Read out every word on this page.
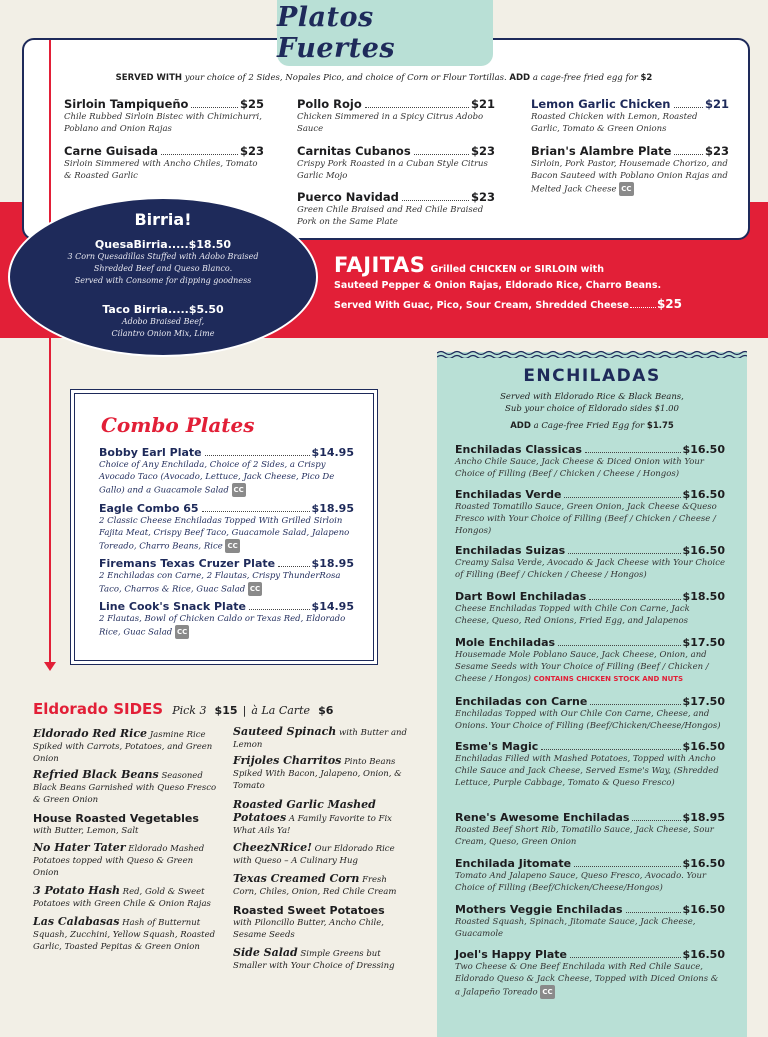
Platos Fuertes
SERVED WITH your choice of 2 Sides, Nopales Pico, and choice of Corn or Flour Tortillas. ADD a cage-free fried egg for $2
Sirloin Tampiqueño	$25
Chile Rubbed Sirloin Bistec with Chimichurri, Poblano and Onion Rajas
Carne Guisada	$23
Sirloin Simmered with Ancho Chiles, Tomato & Roasted Garlic
Pollo Rojo	$21
Chicken Simmered in a Spicy Citrus Adobo Sauce
Carnitas Cubanos	$23
Crispy Pork Roasted in a Cuban Style Citrus Garlic Mojo
Puerco Navidad	$23
Green Chile Braised and Red Chile Braised Pork on the Same Plate
Lemon Garlic Chicken	$21
Roasted Chicken with Lemon, Roasted Garlic, Tomato & Green Onions
Brian's Alambre Plate	$23
Sirloin, Pork Pastor, Housemade Chorizo, and Bacon Sauteed with Poblano Onion Rajas and Melted Jack Cheese CC
Birria!
QuesaBirria.....$18.50
3 Corn Quesadillas Stuffed with Adobo Braised
Shredded Beef and Queso Blanco.
Served with Consome for dipping goodness
Taco Birria.....$5.50
Adobo Braised Beef,
Cilantro Onion Mix, Lime
FAJITAS Grilled CHICKEN or SIRLOIN with
Sauteed Pepper & Onion Rajas, Eldorado Rice, Charro Beans.
Served With Guac, Pico, Sour Cream, Shredded Cheese $25
Combo Plates
Bobby Earl Plate	$14.95
Choice of Any Enchilada, Choice of 2 Sides, a Crispy Avocado Taco (Avocado, Lettuce, Jack Cheese, Pico De Gallo) and a Guacamole Salad CC
Eagle Combo 65	$18.95
2 Classic Cheese Enchiladas Topped With Grilled Sirloin Fajita Meat, Crispy Beef Taco, Guacamole Salad, Jalapeno Toreado, Charro Beans, Rice CC
Firemans Texas Cruzer Plate	$18.95
2 Enchiladas con Carne, 2 Flautas, Crispy ThunderRosa Taco, Charros & Rice, Guac Salad CC
Line Cook's Snack Plate	$14.95
2 Flautas, Bowl of Chicken Caldo or Texas Red, Eldorado Rice, Guac Salad CC
Eldorado SIDES Pick 3 $15 | à La Carte $6
Eldorado Red Rice Jasmine Rice Spiked with Carrots, Potatoes, and Green Onion
Refried Black Beans Seasoned Black Beans Garnished with Queso Fresco & Green Onion
House Roasted Vegetables
with Butter, Lemon, Salt
No Hater Tater Eldorado Mashed Potatoes topped with Queso & Green Onion
3 Potato Hash Red, Gold & Sweet Potatoes with Green Chile & Onion Rajas
Las Calabasas Hash of Butternut Squash, Zucchini, Yellow Squash, Roasted Garlic, Toasted Pepitas & Green Onion
Sauteed Spinach with Butter and Lemon
Frijoles Charritos Pinto Beans Spiked With Bacon, Jalapeno, Onion, & Tomato
Roasted Garlic Mashed Potatoes A Family Favorite to Fix What Ails Ya!
CheezNRice! Our Eldorado Rice with Queso – A Culinary Hug
Texas Creamed Corn Fresh Corn, Chiles, Onion, Red Chile Cream
Roasted Sweet Potatoes
with Piloncillo Butter, Ancho Chile, Sesame Seeds
Side Salad Simple Greens but Smaller with Your Choice of Dressing
ENCHILADAS
Served with Eldorado Rice & Black Beans,
Sub your choice of Eldorado sides $1.00
ADD a Cage-free Fried Egg for $1.75
Enchiladas Classicas	$16.50
Ancho Chile Sauce, Jack Cheese & Diced Onion with Your Choice of Filling (Beef / Chicken / Cheese / Hongos)
Enchiladas Verde	$16.50
Roasted Tomatillo Sauce, Green Onion, Jack Cheese &Queso Fresco with Your Choice of Filling (Beef / Chicken / Cheese / Hongos)
Enchiladas Suizas	$16.50
Creamy Salsa Verde, Avocado & Jack Cheese with Your Choice of Filling (Beef / Chicken / Cheese / Hongos)
Dart Bowl Enchiladas	$18.50
Cheese Enchiladas Topped with Chile Con Carne, Jack Cheese, Queso, Red Onions, Fried Egg, and Jalapenos
Mole Enchiladas	$17.50
Housemade Mole Poblano Sauce, Jack Cheese, Onion, and Sesame Seeds with Your Choice of Filling (Beef / Chicken / Cheese / Hongos) CONTAINS CHICKEN STOCK AND NUTS
Enchiladas con Carne	$17.50
Enchiladas Topped with Our Chile Con Carne, Cheese, and Onions. Your Choice of Filling (Beef/Chicken/Cheese/Hongos)
Esme's Magic	$16.50
Enchiladas Filled with Mashed Potatoes, Topped with Ancho Chile Sauce and Jack Cheese, Served Esme's Way, (Shredded Lettuce, Purple Cabbage, Tomato & Queso Fresco)
Rene's Awesome Enchiladas	$18.95
Roasted Beef Short Rib, Tomatillo Sauce, Jack Cheese, Sour Cream, Queso, Green Onion
Enchilada Jitomate	$16.50
Tomato And Jalapeno Sauce, Queso Fresco, Avocado. Your Choice of Filling (Beef/Chicken/Cheese/Hongos)
Mothers Veggie Enchiladas	$16.50
Roasted Squash, Spinach, Jitomate Sauce, Jack Cheese, Guacamole
Joel's Happy Plate	$16.50
Two Cheese & One Beef Enchilada with Red Chile Sauce, Eldorado Queso & Jack Cheese, Topped with Diced Onions & a Jalapeño Toreado CC
